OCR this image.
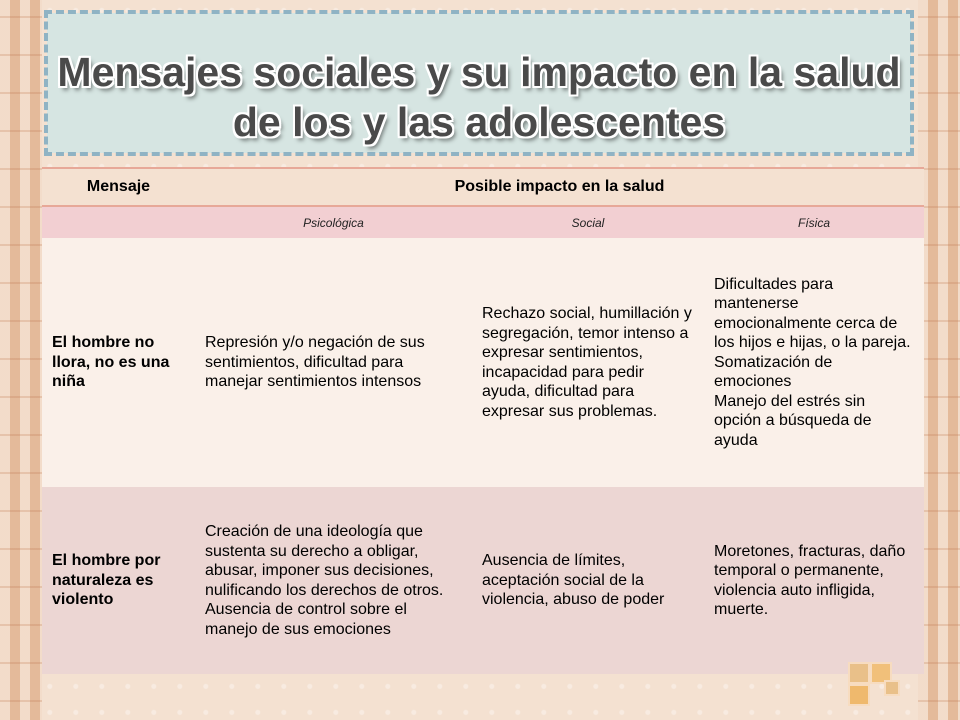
Mensajes sociales y su impacto en la salud
de los y las adolescentes
Mensaje	Posible impacto en la salud		
	Psicológica	Social	Física
El hombre no llora, no es una niña	Represión y/o negación de sus sentimientos, dificultad para manejar sentimientos intensos	Rechazo social, humillación y segregación, temor intenso a expresar sentimientos, incapacidad para pedir ayuda, dificultad para expresar sus problemas.	Dificultades para mantenerse emocionalmente cerca de los hijos e hijas, o la pareja.
Somatización de emociones
Manejo del estrés sin opción a búsqueda de ayuda

El hombre por naturaleza es violento	Creación de una ideología que sustenta su derecho a obligar, abusar, imponer sus decisiones, nulificando los derechos de otros. Ausencia de control sobre el manejo de sus emociones	Ausencia de límites, aceptación social de la violencia, abuso de poder	Moretones, fracturas, daño temporal o permanente, violencia auto infligida, muerte.
